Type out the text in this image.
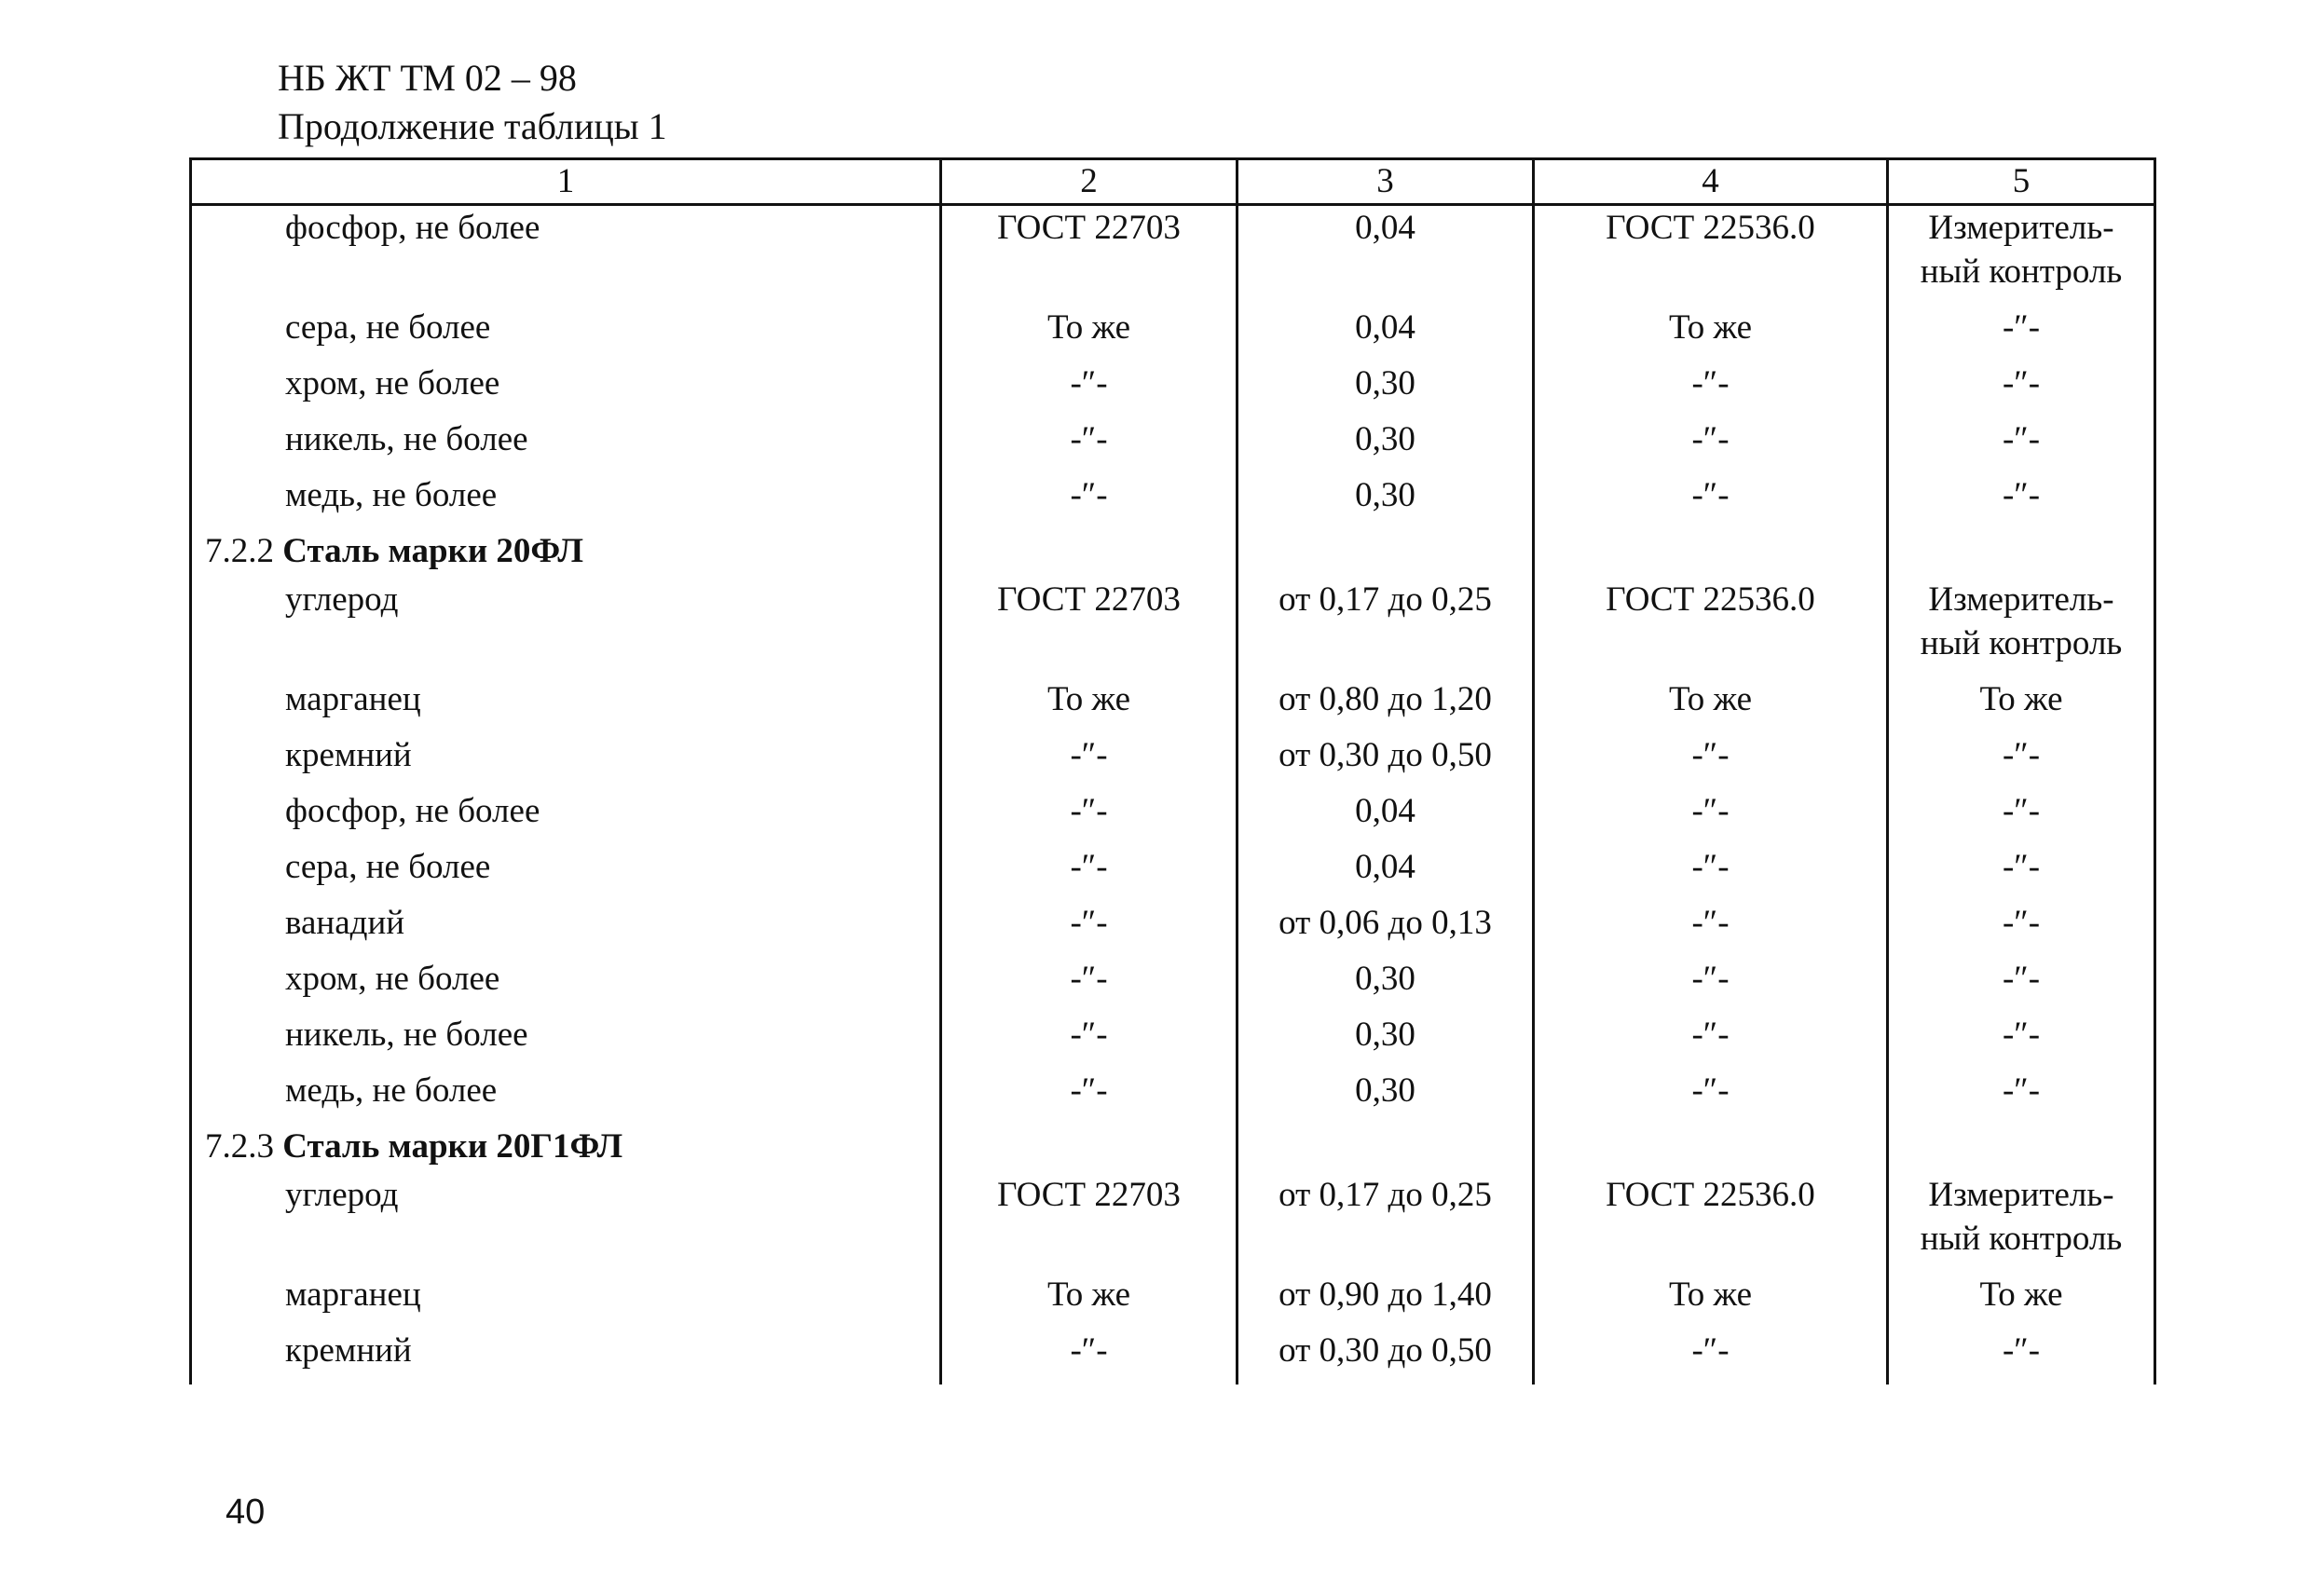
НБ ЖТ ТМ 02 – 98
Продолжение таблицы 1
1	2	3	4	5
фосфор, не более	ГОСТ 22703	0,04	ГОСТ 22536.0	Измеритель-
ный контроль
сера, не более	То же	0,04	То же	-″-
хром, не более	-″-	0,30	-″-	-″-
никель, не более	-″-	0,30	-″-	-″-
медь, не более	-″-	0,30	-″-	-″-
7.2.2 Сталь марки 20ФЛ				
углерод	ГОСТ 22703	от 0,17 до 0,25	ГОСТ 22536.0	Измеритель-
ный контроль
марганец	То же	от 0,80 до 1,20	То же	То же
кремний	-″-	от 0,30 до 0,50	-″-	-″-
фосфор, не более	-″-	0,04	-″-	-″-
сера, не более	-″-	0,04	-″-	-″-
ванадий	-″-	от 0,06 до 0,13	-″-	-″-
хром, не более	-″-	0,30	-″-	-″-
никель, не более	-″-	0,30	-″-	-″-
медь, не более	-″-	0,30	-″-	-″-
7.2.3 Сталь марки 20Г1ФЛ				
углерод	ГОСТ 22703	от 0,17 до 0,25	ГОСТ 22536.0	Измеритель-
ный контроль
марганец	То же	от 0,90 до 1,40	То же	То же
кремний	-″-	от 0,30 до 0,50	-″-	-″-
40
